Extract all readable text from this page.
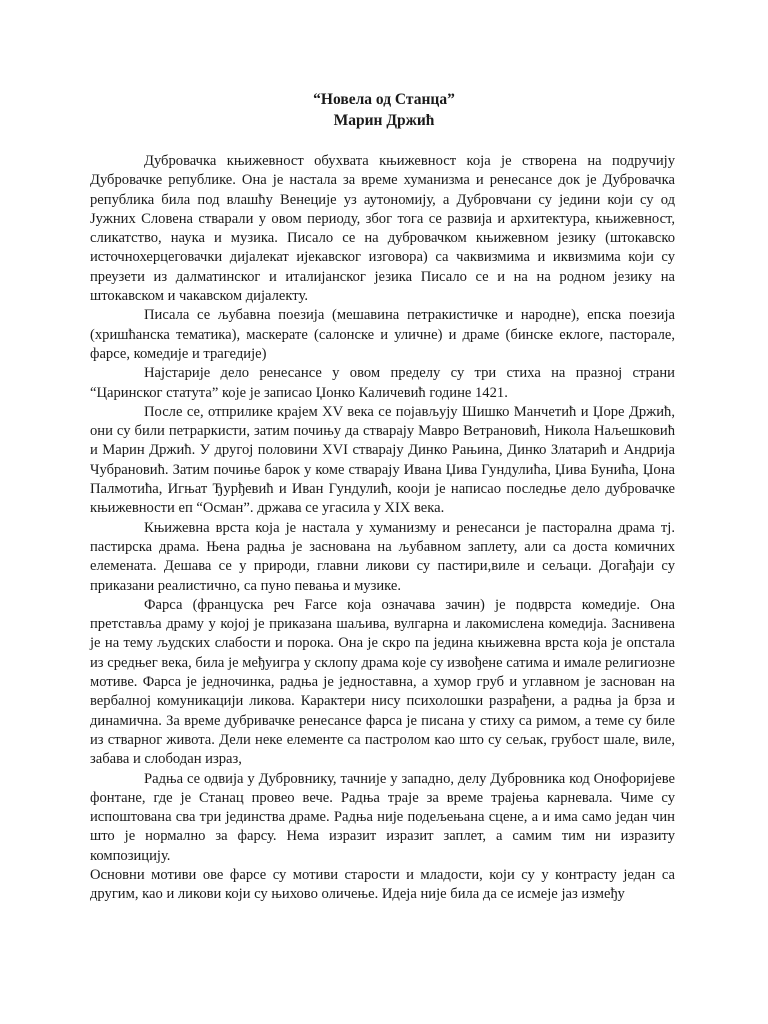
“Новела од Станца”
Марин Држић

Дубровачка књижевност обухвата књижевност која је створена на подручију Дубровачке републике. Она је настала за време хуманизма и ренесансе док је Дубровачка република била под влашћу Венеције уз аутономију, а Дубровчани су једини који су од Јужних Словена стварали у овом периоду, због тога се развија и архитектура, књижевност, сликатство, наука и музика. Писало се на дубровачком књижевном језику (штокавско источнохерцеговачки дијалекат ијекавског изговора) са чаквизмима и иквизмима који су преузети из далматинског и италијанског језика Писало се и на на родном језику на штокавском и чакавском дијалекту.

Писала се љубавна поезија (мешавина петракистичке и народне), епска поезија (хришћанска тематика), маскерате (салонске и уличне) и драме (бинске еклоге, пасторале, фарсе, комедије и трагедије)

Најстарије дело ренесансе у овом пределу су три стиха на празној страни “Царинског статута” које је записао Џонко Каличевић године 1421.

После се, отприлике крајем XV века се појављују Шишко Манчетић и Џоре Држић, они су били петраркисти, затим почињу да стварају Мавро Ветрановић, Никола Нaљешковић и Марин Држић. У другој половини XVI стварају Динко Рањина, Динко Златарић и Андрија Чубрановић. Затим почиње барок у коме стварају Ивана Џива Гундулића, Џива Бунића, Џона Палмотића, Игњат Ђурђевић и Иван Гундулић, кооји је написао последње дело дубровачке књижевности еп “Осман”. држава се угасила у XIX века.

Књижевна врста која је настала у хуманизму и ренесанси је пасторална драма тј. пастирска драма. Њена радња је заснована на љубавном заплету, али са доста комичних елемената. Дешава се у природи, главни ликови су пастири,виле и сељаци. Догађаји су приказани реалистично, са пуно певања и музике.

Фарса (француска реч Farce која означава зачин) је подврста комедије. Она претставља драму у којој је приказана шаљива, вулгарна и лакомислена комедија. Заснивена је на тему људских слабости и порока. Она је скро па једина књижевна врста која је опстала из средњег века, била је међуигра у склопу драма које су извођене сатима и имале религиозне мотиве. Фарса је једночинка, радња је једноставна, а хумор груб и углавном је заснован на вербалној комуникацији ликова. Карактери нису психолошки разрађени, а радња ја брза и динамична. За време дубривачке ренесансе фарса је писана у стиху са римом, а теме су биле из стварног живота. Дели неке елементе са пастролом као што су сељак, грубост шале, виле, забава и слободан израз,

Радња се одвија у Дубровнику, тачније у западно, делу Дубровника код Онофоријеве фонтане, где је Станац провео вече. Радња траје за време трајења карневала. Чиме су испоштована сва три јединства драме. Радња није подељењана сцене, а и има само један чин што је нормално за фарсу. Нема изразит изразит заплет, а самим тим ни изразиту композицију.

Основни мотиви ове фарсе су мотиви старости и младости, који су у контрасту један са другим, као и ликови који су њихово оличење. Идеја није била да се исмеје јаз између
